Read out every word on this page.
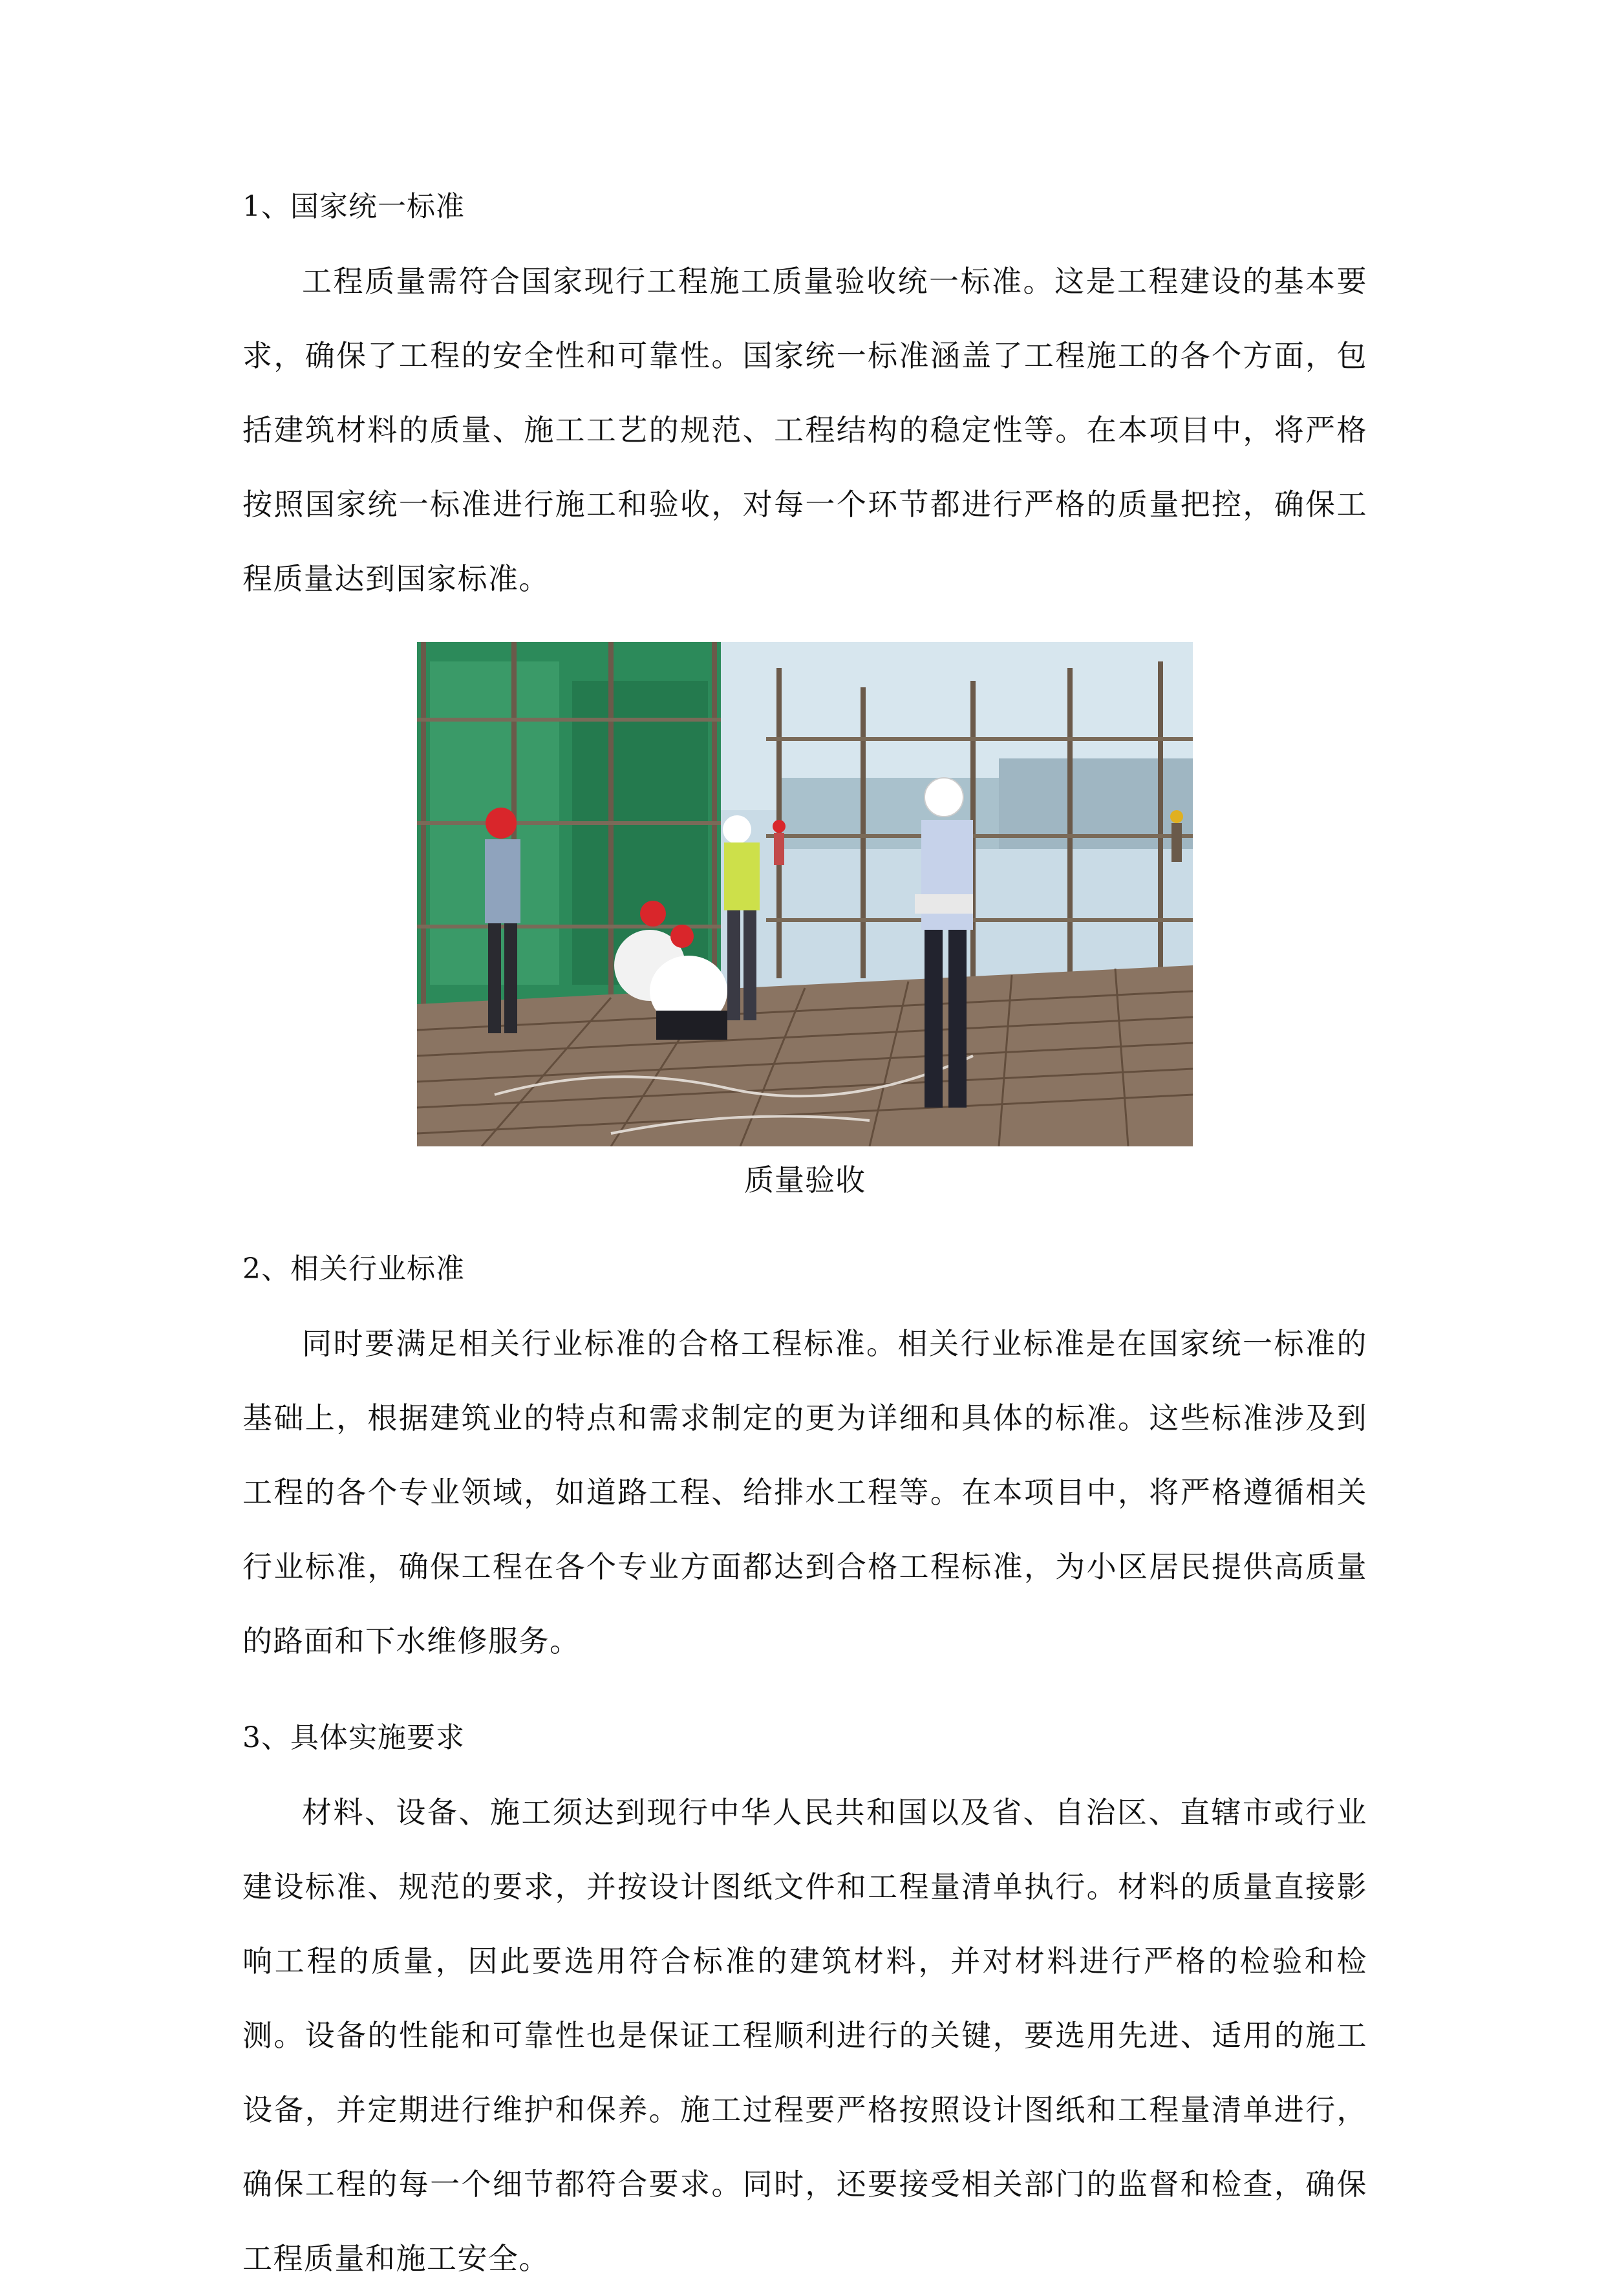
1、国家统一标准

工程质量需符合国家现行工程施工质量验收统一标准。这是工程建设的基本要求，确保了工程的安全性和可靠性。国家统一标准涵盖了工程施工的各个方面，包括建筑材料的质量、施工工艺的规范、工程结构的稳定性等。在本项目中，将严格按照国家统一标准进行施工和验收，对每一个环节都进行严格的质量把控，确保工程质量达到国家标准。

质量验收

2、相关行业标准

同时要满足相关行业标准的合格工程标准。相关行业标准是在国家统一标准的基础上，根据建筑业的特点和需求制定的更为详细和具体的标准。这些标准涉及到工程的各个专业领域，如道路工程、给排水工程等。在本项目中，将严格遵循相关行业标准，确保工程在各个专业方面都达到合格工程标准，为小区居民提供高质量的路面和下水维修服务。

3、具体实施要求

材料、设备、施工须达到现行中华人民共和国以及省、自治区、直辖市或行业建设标准、规范的要求，并按设计图纸文件和工程量清单执行。材料的质量直接影响工程的质量，因此要选用符合标准的建筑材料，并对材料进行严格的检验和检测。设备的性能和可靠性也是保证工程顺利进行的关键，要选用先进、适用的施工设备，并定期进行维护和保养。施工过程要严格按照设计图纸和工程量清单进行，确保工程的每一个细节都符合要求。同时，还要接受相关部门的监督和检查，确保工程质量和施工安全。
